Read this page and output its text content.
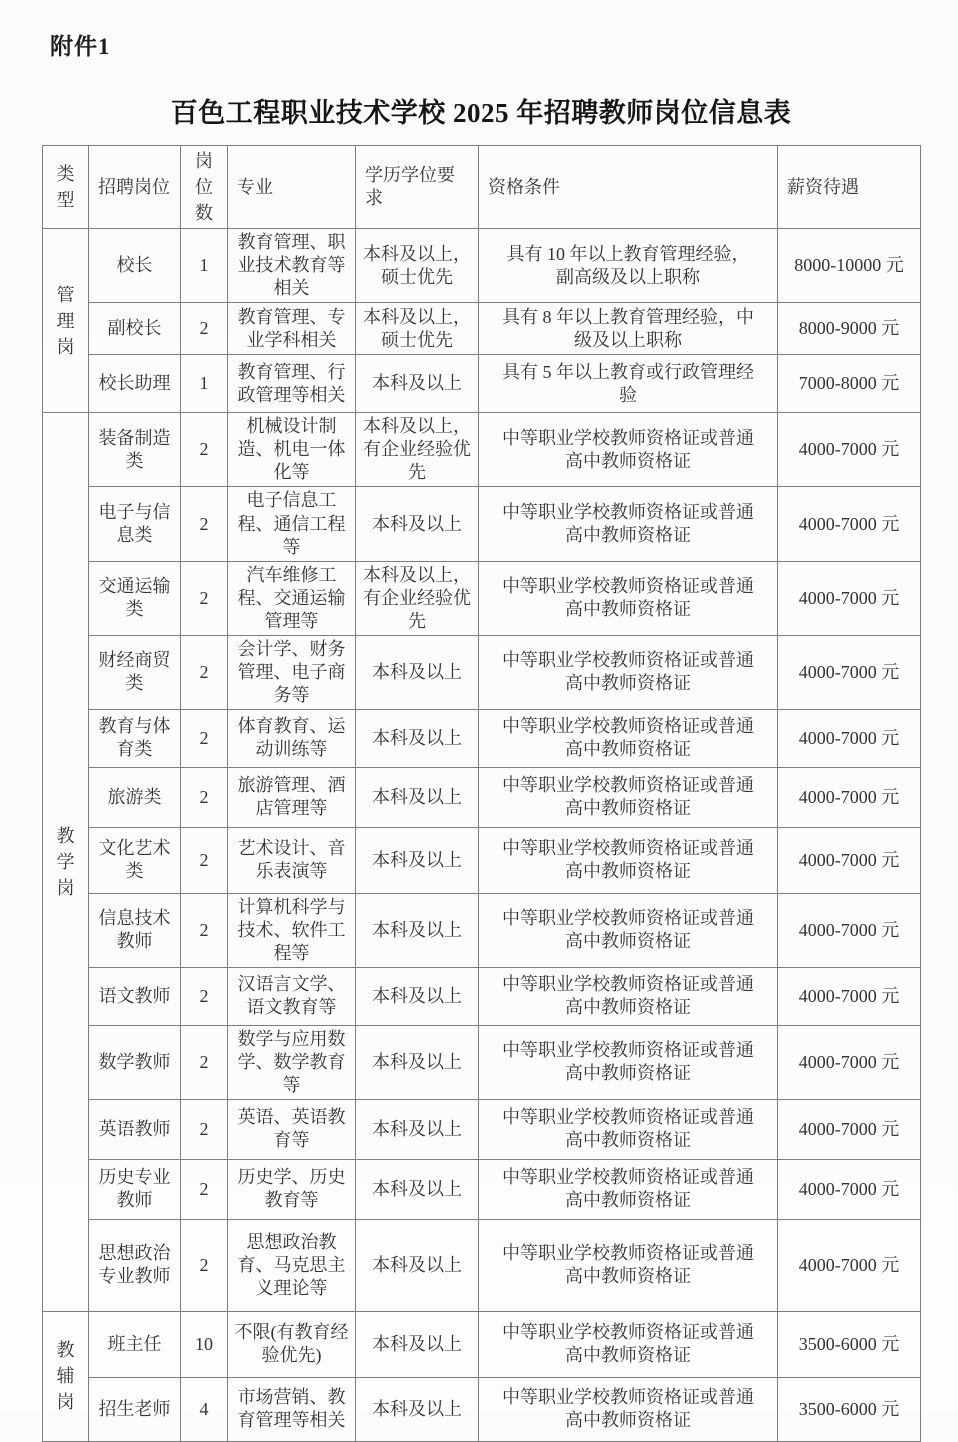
附件1
百色工程职业技术学校 2025 年招聘教师岗位信息表
类型	招聘岗位	岗位数	专业	学历学位要求	资格条件	薪资待遇
管理岗	校长	1	教育管理、职业技术教育等相关	本科及以上，硕士优先	具有 10 年以上教育管理经验，副高级及以上职称	8000-10000 元
	副校长	2	教育管理、专业学科相关	本科及以上，硕士优先	具有 8 年以上教育管理经验，中级及以上职称	8000-9000 元
	校长助理	1	教育管理、行政管理等相关	本科及以上	具有 5 年以上教育或行政管理经验	7000-8000 元
教学岗	装备制造类	2	机械设计制造、机电一体化等	本科及以上，有企业经验优先	中等职业学校教师资格证或普通高中教师资格证	4000-7000 元
	电子与信息类	2	电子信息工程、通信工程等	本科及以上	中等职业学校教师资格证或普通高中教师资格证	4000-7000 元
	交通运输类	2	汽车维修工程、交通运输管理等	本科及以上，有企业经验优先	中等职业学校教师资格证或普通高中教师资格证	4000-7000 元
	财经商贸类	2	会计学、财务管理、电子商务等	本科及以上	中等职业学校教师资格证或普通高中教师资格证	4000-7000 元
	教育与体育类	2	体育教育、运动训练等	本科及以上	中等职业学校教师资格证或普通高中教师资格证	4000-7000 元
	旅游类	2	旅游管理、酒店管理等	本科及以上	中等职业学校教师资格证或普通高中教师资格证	4000-7000 元
	文化艺术类	2	艺术设计、音乐表演等	本科及以上	中等职业学校教师资格证或普通高中教师资格证	4000-7000 元
	信息技术教师	2	计算机科学与技术、软件工程等	本科及以上	中等职业学校教师资格证或普通高中教师资格证	4000-7000 元
	语文教师	2	汉语言文学、语文教育等	本科及以上	中等职业学校教师资格证或普通高中教师资格证	4000-7000 元
	数学教师	2	数学与应用数学、数学教育等	本科及以上	中等职业学校教师资格证或普通高中教师资格证	4000-7000 元
	英语教师	2	英语、英语教育等	本科及以上	中等职业学校教师资格证或普通高中教师资格证	4000-7000 元
	历史专业教师	2	历史学、历史教育等	本科及以上	中等职业学校教师资格证或普通高中教师资格证	4000-7000 元
	思想政治专业教师	2	思想政治教育、马克思主义理论等	本科及以上	中等职业学校教师资格证或普通高中教师资格证	4000-7000 元
教辅岗	班主任	10	不限(有教育经验优先)	本科及以上	中等职业学校教师资格证或普通高中教师资格证	3500-6000 元
	招生老师	4	市场营销、教育管理等相关	本科及以上	中等职业学校教师资格证或普通高中教师资格证	3500-6000 元
